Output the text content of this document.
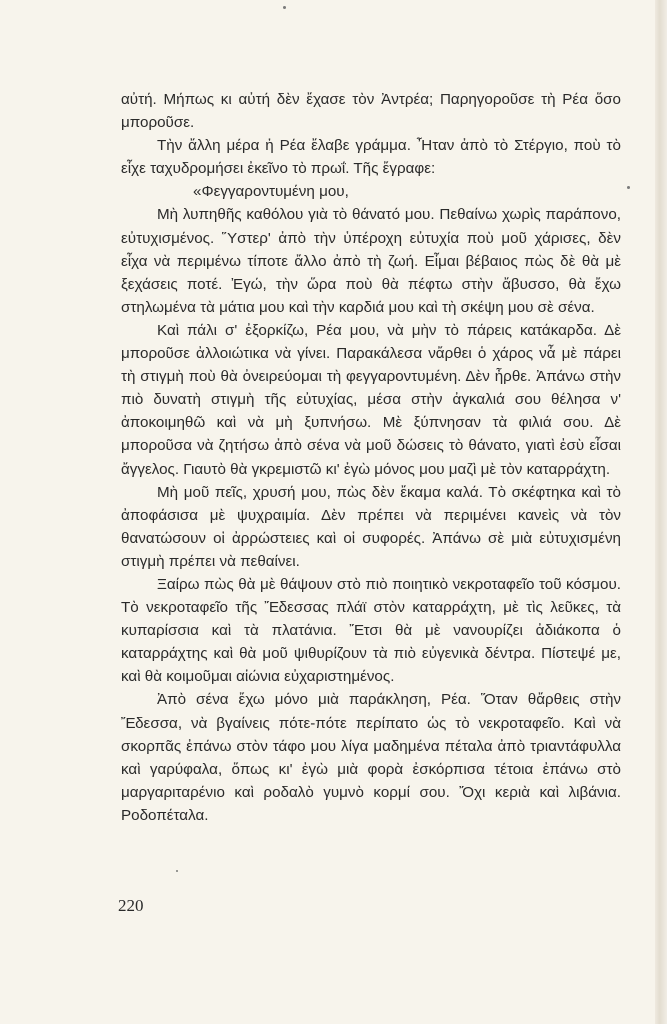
αὐτή. Μήπως κι αὐτή δὲν ἔχασε τὸν Ἀντρέα; Παρηγοροῦσε τὴ Ρέα ὅσο μποροῦσε.

Τὴν ἄλλη μέρα ἡ Ρέα ἔλαβε γράμμα. Ἦταν ἀπὸ τὸ Στέργιο, ποὺ τὸ εἶχε ταχυδρομήσει ἐκεῖνο τὸ πρωΐ. Τῆς ἔγραφε:

«Φεγγαροντυμένη μου,

Μὴ λυπηθῆς καθόλου γιὰ τὸ θάνατό μου. Πεθαίνω χωρὶς παράπονο, εὐτυχισμένος. Ὕστερ' ἀπὸ τὴν ὑπέροχη εὐτυχία ποὺ μοῦ χάρισες, δὲν εἶχα νὰ περιμένω τίποτε ἄλλο ἀπὸ τὴ ζωή. Εἶμαι βέβαιος πὼς δὲ θὰ μὲ ξεχάσεις ποτέ. Ἐγώ, τὴν ὥρα ποὺ θὰ πέφτω στὴν ἄβυσσο, θὰ ἔχω στηλωμένα τὰ μάτια μου καὶ τὴν καρδιά μου καὶ τὴ σκέψη μου σὲ σένα.

Καὶ πάλι σ' ἐξορκίζω, Ρέα μου, νὰ μὴν τὸ πάρεις κατάκαρδα. Δὲ μποροῦσε ἀλλοιώτικα νὰ γίνει. Παρακάλεσα νἄρθει ὁ χάρος νἆ μὲ πάρει τὴ στιγμὴ ποὺ θὰ ὀνειρεύομαι τὴ φεγγαροντυμένη. Δὲν ἦρθε. Ἀπάνω στὴν πιὸ δυνατὴ στιγμὴ τῆς εὐτυχίας, μέσα στὴν ἀγκαλιά σου θέλησα ν' ἀποκοιμηθῶ καὶ νὰ μὴ ξυπνήσω. Μὲ ξύπνησαν τὰ φιλιά σου. Δὲ μποροῦσα νὰ ζητήσω ἀπὸ σένα νὰ μοῦ δώσεις τὸ θάνατο, γιατὶ ἐσὺ εἶσαι ἄγγελος. Γιαυτὸ θὰ γκρεμιστῶ κι' ἐγὼ μόνος μου μαζὶ μὲ τὸν καταρράχτη.

Μὴ μοῦ πεῖς, χρυσή μου, πὼς δὲν ἔκαμα καλά. Τὸ σκέφτηκα καὶ τὸ ἀποφάσισα μὲ ψυχραιμία. Δὲν πρέπει νὰ περιμένει κανεὶς νὰ τὸν θανατώσουν οἱ ἀρρώστειες καὶ οἱ συφορές. Ἀπάνω σὲ μιὰ εὐτυχισμένη στιγμὴ πρέπει νὰ πεθαίνει.

Ξαίρω πὼς θὰ μὲ θάψουν στὸ πιὸ ποιητικὸ νεκροταφεῖο τοῦ κόσμου. Τὸ νεκροταφεῖο τῆς Ἔδεσσας πλάϊ στὸν καταρράχτη, μὲ τὶς λεῦκες, τὰ κυπαρίσσια καὶ τὰ πλατάνια. Ἔτσι θὰ μὲ νανουρίζει ἀδιάκοπα ὁ καταρράχτης καὶ θὰ μοῦ ψιθυρίζουν τὰ πιὸ εὐγενικὰ δέντρα. Πίστεψέ με, καὶ θὰ κοιμοῦμαι αἰώνια εὐχαριστημένος.

Ἀπὸ σένα ἔχω μόνο μιὰ παράκληση, Ρέα. Ὅταν θἄρθεις στὴν Ἔδεσσα, νὰ βγαίνεις πότε-πότε περίπατο ὡς τὸ νεκροταφεῖο. Καὶ νὰ σκορπᾶς ἐπάνω στὸν τάφο μου λίγα μαδημένα πέταλα ἀπὸ τριαντάφυλλα καὶ γαρύφαλα, ὅπως κι' ἐγὼ μιὰ φορὰ ἐσκόρπισα τέτοια ἐπάνω στὸ μαργαριταρένιο καὶ ροδαλὸ γυμνὸ κορμί σου. Ὄχι κεριὰ καὶ λιβάνια. Ροδοπέταλα.

220
